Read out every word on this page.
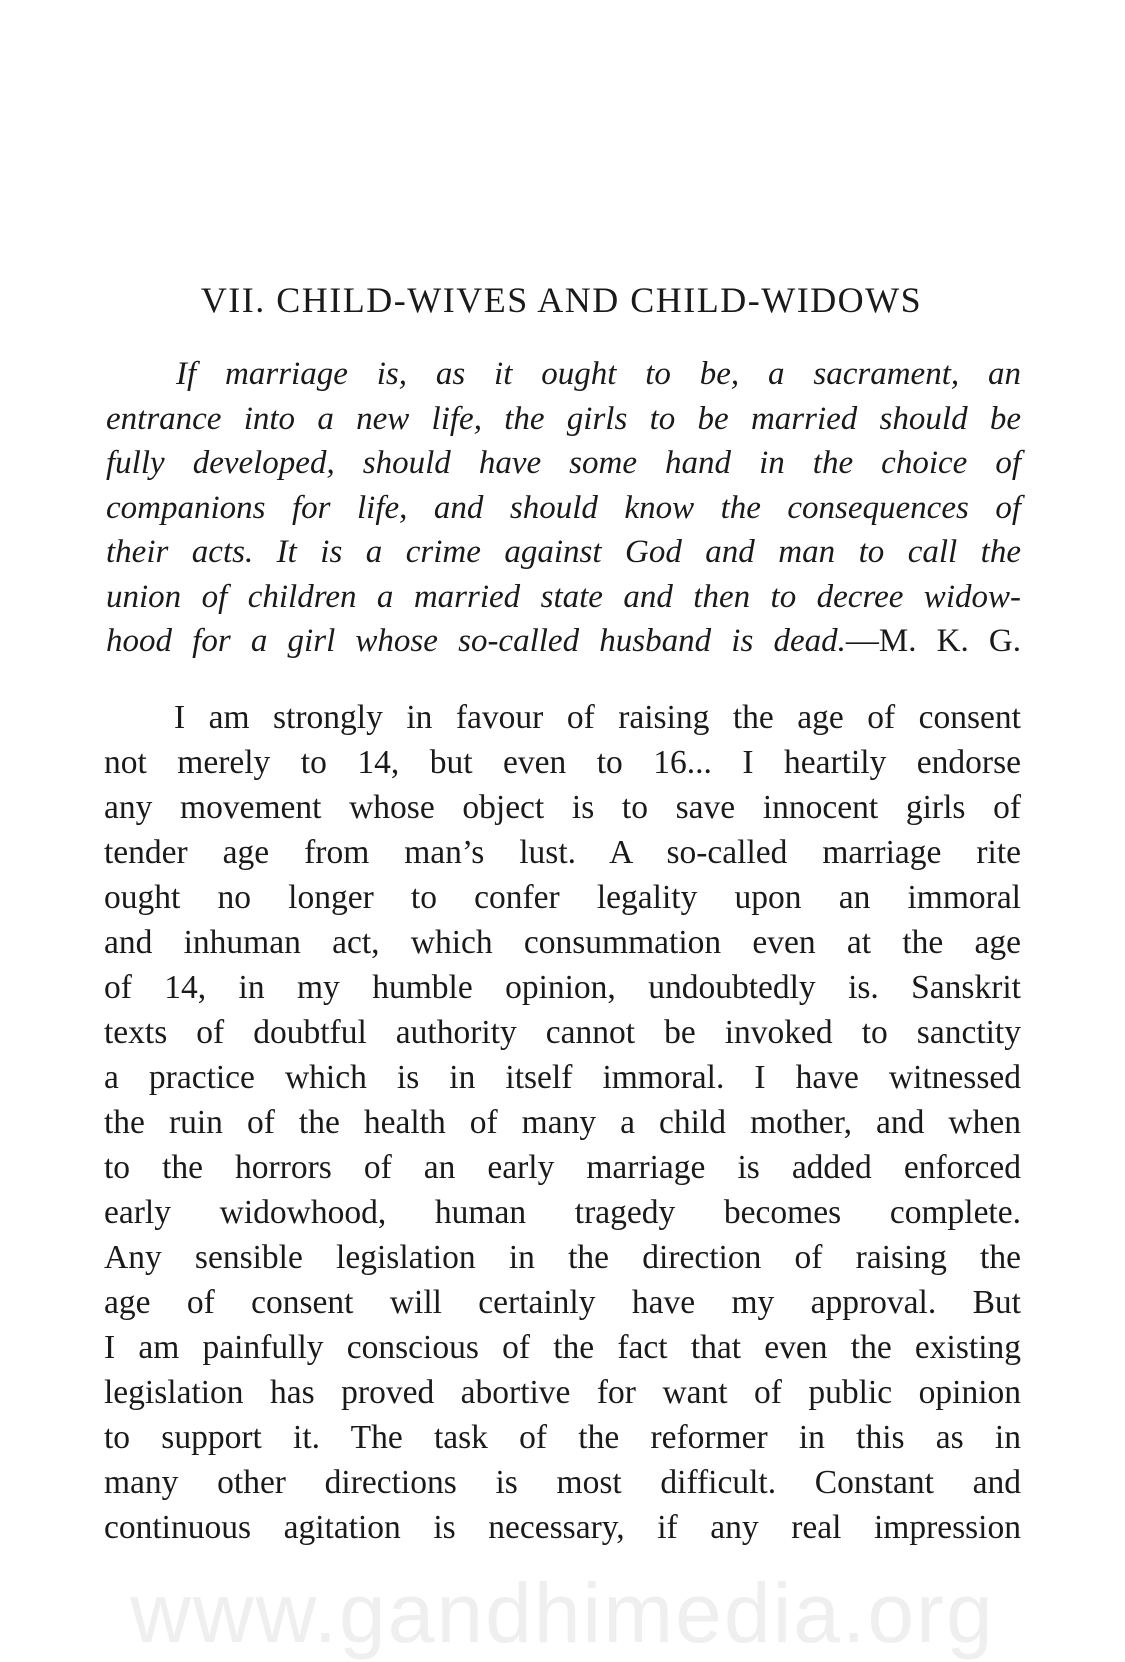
VII. CHILD-WIVES AND CHILD-WIDOWS
If marriage is, as it ought to be, a sacrament, an
entrance into a new life, the girls to be married should be
fully developed, should have some hand in the choice of
companions for life, and should know the consequences of
their acts. It is a crime against God and man to call the
union of children a married state and then to decree widow-
hood for a girl whose so-called husband is dead.—M. K. G.
I am strongly in favour of raising the age of consent
not merely to 14, but even to 16... I heartily endorse
any movement whose object is to save innocent girls of
tender age from man’s lust. A so-called marriage rite
ought no longer to confer legality upon an immoral
and inhuman act, which consummation even at the age
of 14, in my humble opinion, undoubtedly is. Sanskrit
texts of doubtful authority cannot be invoked to sanctity
a practice which is in itself immoral. I have witnessed
the ruin of the health of many a child mother, and when
to the horrors of an early marriage is added enforced
early widowhood, human tragedy becomes complete.
Any sensible legislation in the direction of raising the
age of consent will certainly have my approval. But
I am painfully conscious of the fact that even the existing
legislation has proved abortive for want of public opinion
to support it. The task of the reformer in this as in
many other directions is most difficult. Constant and
continuous agitation is necessary, if any real impression
www.gandhimedia.org
